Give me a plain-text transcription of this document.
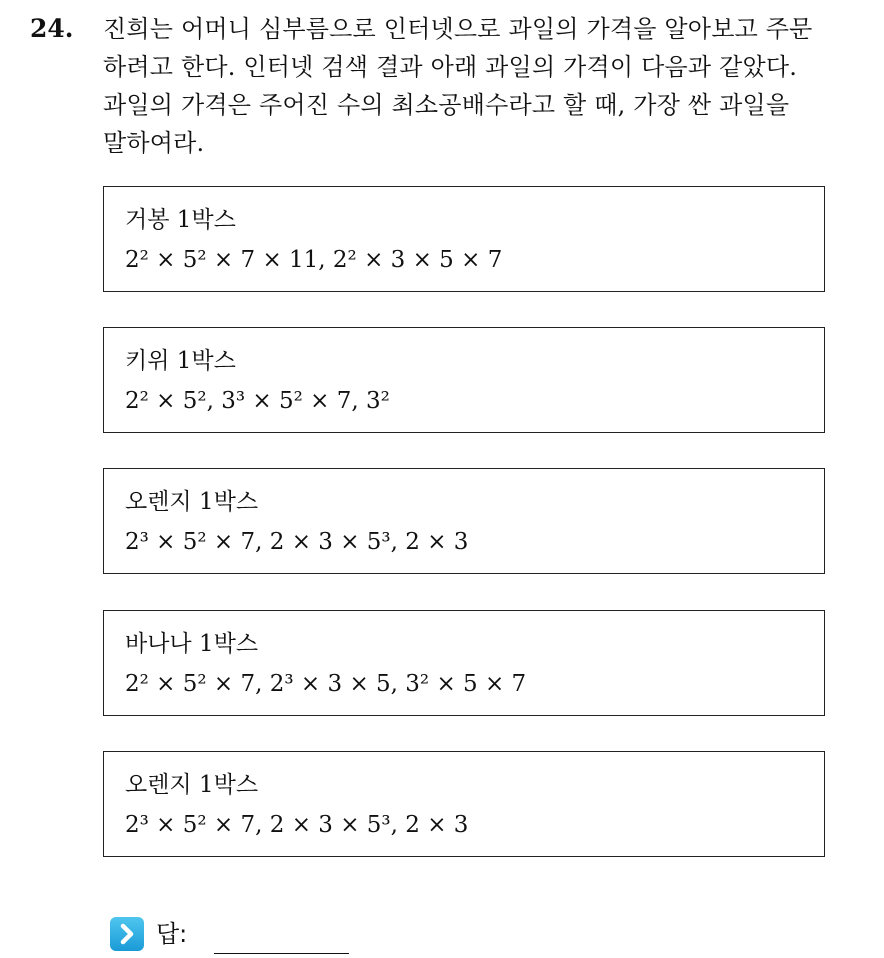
24. 진희는 어머니 심부름으로 인터넷으로 과일의 가격을 알아보고 주문
하려고 한다. 인터넷 검색 결과 아래 과일의 가격이 다음과 같았다.
과일의 가격은 주어진 수의 최소공배수라고 할 때, 가장 싼 과일을
말하여라.
거봉 1박스
2² × 5² × 7 × 11, 2² × 3 × 5 × 7
키위 1박스
2² × 5², 3³ × 5² × 7, 3²
오렌지 1박스
2³ × 5² × 7, 2 × 3 × 5³, 2 × 3
바나나 1박스
2² × 5² × 7, 2³ × 3 × 5, 3² × 5 × 7
오렌지 1박스
2³ × 5² × 7, 2 × 3 × 5³, 2 × 3
답:
